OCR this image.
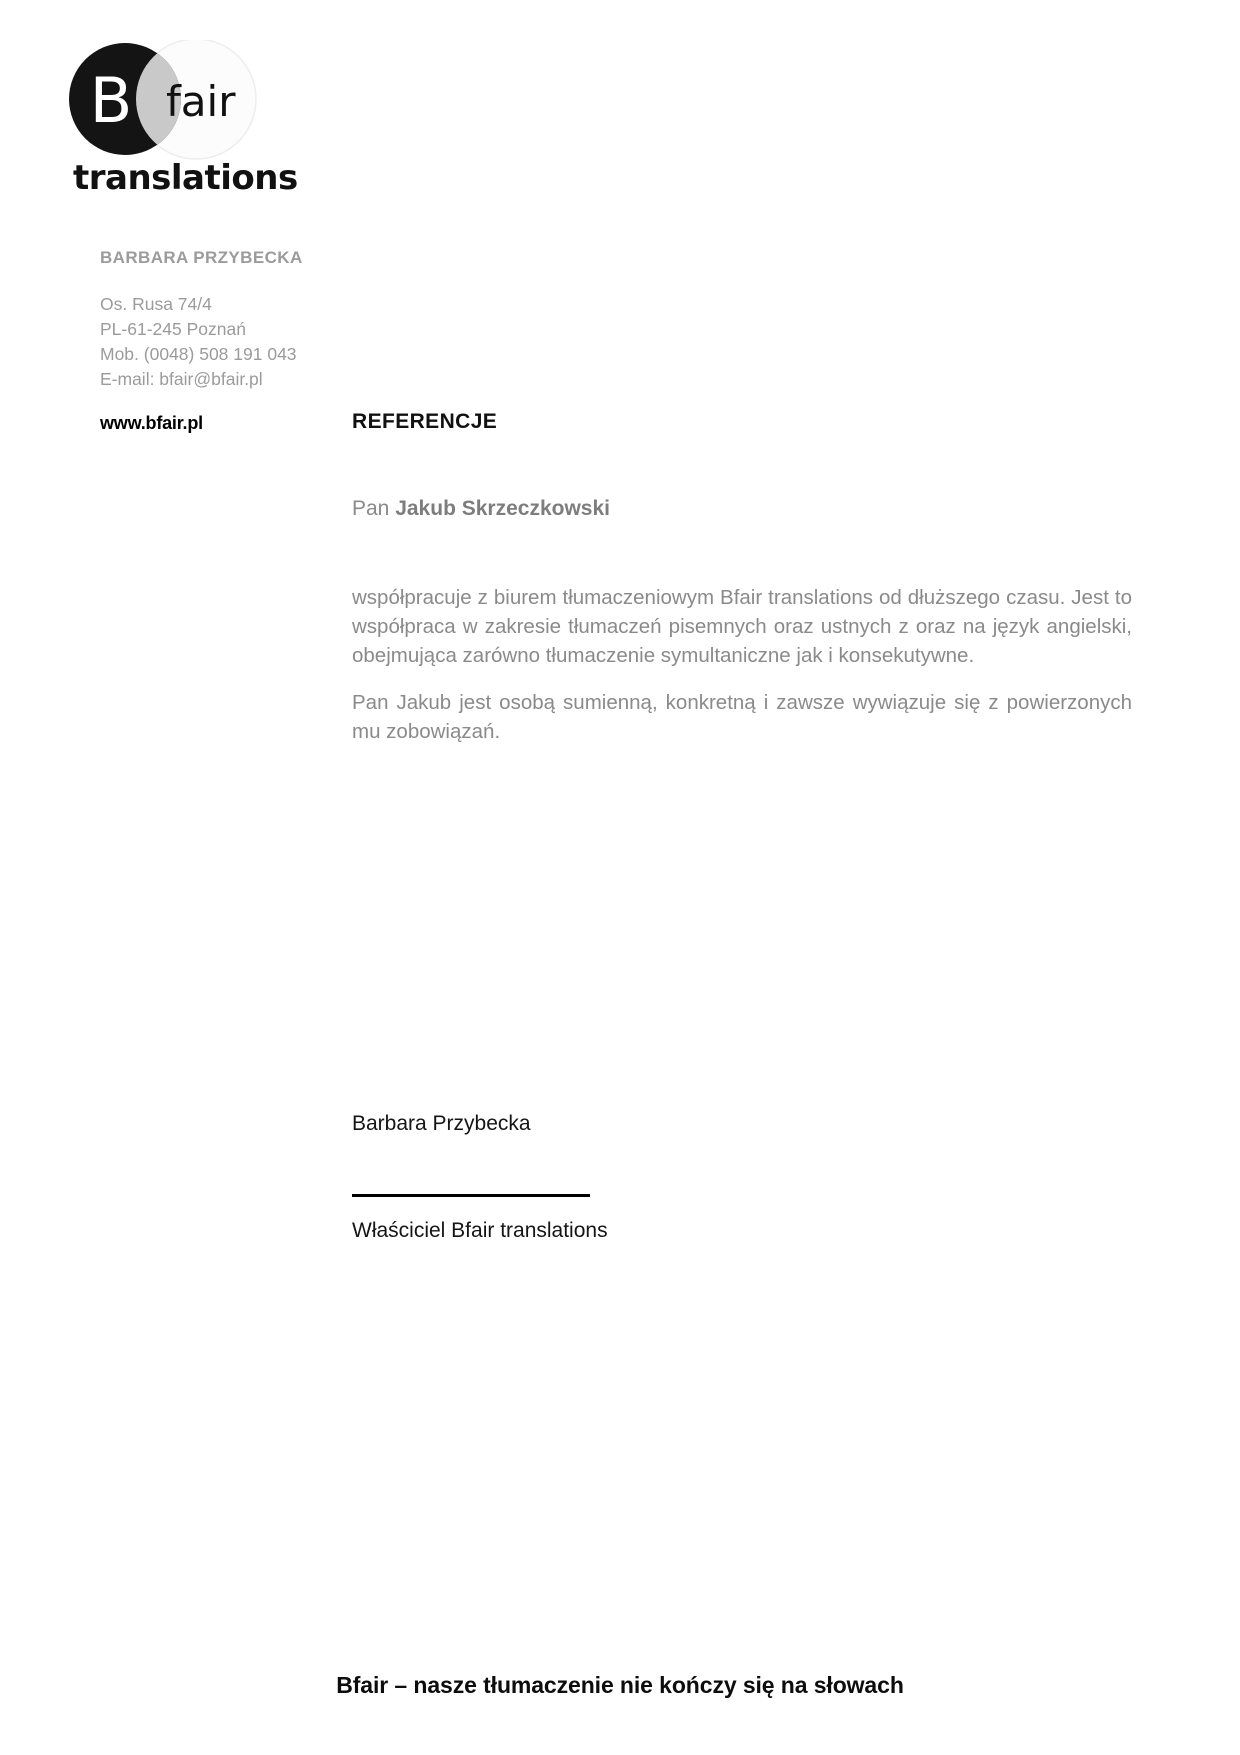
B fair
translations
BARBARA PRZYBECKA
Os. Rusa 74/4
PL-61-245 Poznań
Mob. (0048) 508 191 043
E-mail: bfair@bfair.pl
www.bfair.pl	REFERENCJE
Pan Jakub Skrzeczkowski

współpracuje z biurem tłumaczeniowym Bfair translations od dłuższego czasu. Jest to współpraca w zakresie tłumaczeń pisemnych oraz ustnych z oraz na język angielski, obejmująca zarówno tłumaczenie symultaniczne jak i konsekutywne.

Pan Jakub jest osobą sumienną, konkretną i zawsze wywiązuje się z powierzonych mu zobowiązań.

Barbara Przybecka
Właściciel Bfair translations
Bfair – nasze tłumaczenie nie kończy się na słowach
